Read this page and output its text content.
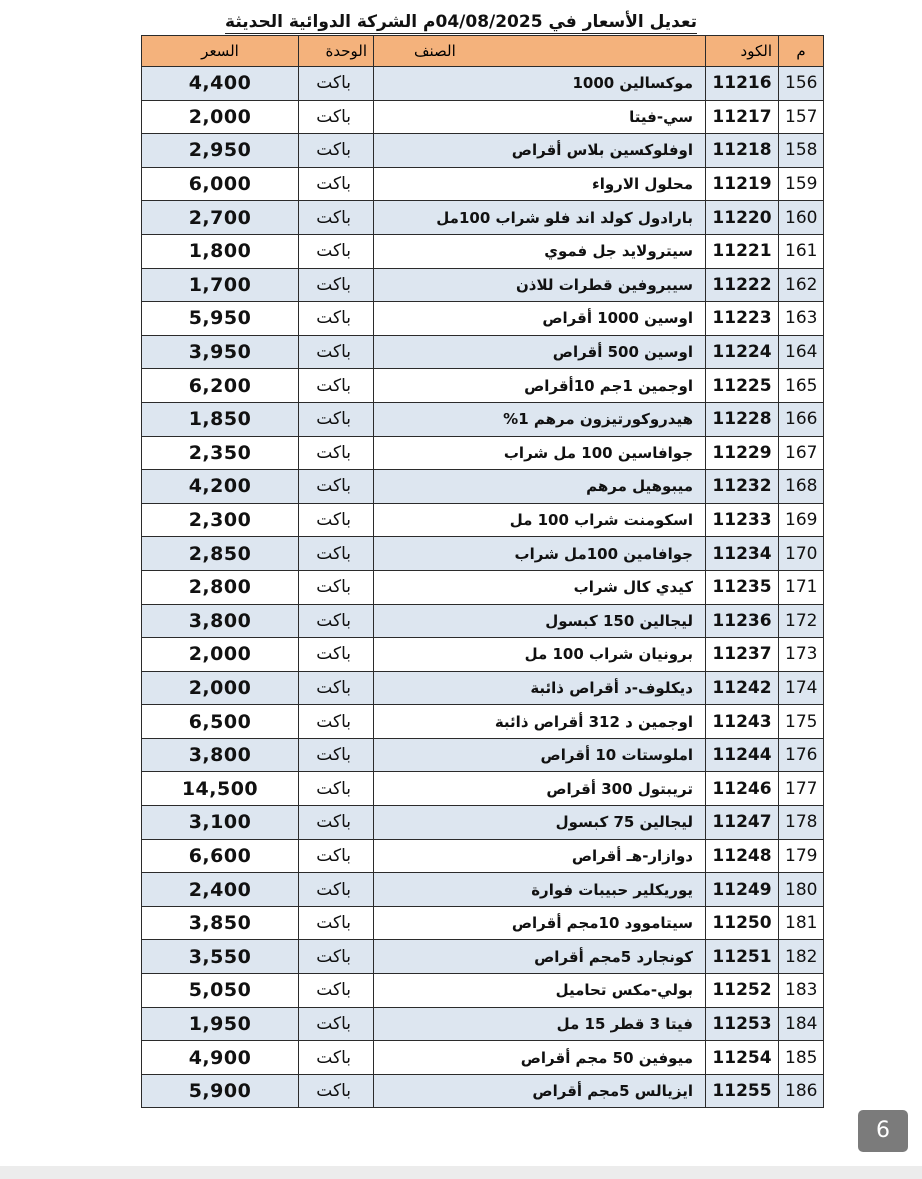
تعديل الأسعار في 04/08/2025م الشركة الدوائية الحديثة
السعر	الوحدة	الصنف	الكود	م
4,400	باكت	موكسالين 1000	11216	156
2,000	باكت	سي-فيتا	11217	157
2,950	باكت	اوفلوكسين بلاس أقراص	11218	158
6,000	باكت	محلول الارواء	11219	159
2,700	باكت	بارادول كولد اند فلو شراب 100مل	11220	160
1,800	باكت	سيترولايد جل فموي	11221	161
1,700	باكت	سيبروفين قطرات للاذن	11222	162
5,950	باكت	اوسين 1000 أقراص	11223	163
3,950	باكت	اوسين 500 أقراص	11224	164
6,200	باكت	اوجمين 1جم 10أقراص	11225	165
1,850	باكت	هيدروكورتيزون مرهم 1%	11228	166
2,350	باكت	جوافاسين 100 مل شراب	11229	167
4,200	باكت	ميبوهيل مرهم	11232	168
2,300	باكت	اسكومنت شراب 100 مل	11233	169
2,850	باكت	جوافامين 100مل شراب	11234	170
2,800	باكت	كيدي كال شراب	11235	171
3,800	باكت	ليجالين 150 كبسول	11236	172
2,000	باكت	برونيان شراب 100 مل	11237	173
2,000	باكت	ديكلوف-د أقراص ذائبة	11242	174
6,500	باكت	اوجمين د 312 أقراص ذائبة	11243	175
3,800	باكت	املوستات 10 أقراص	11244	176
14,500	باكت	تريبتول 300 أقراص	11246	177
3,100	باكت	ليجالين 75 كبسول	11247	178
6,600	باكت	دوازار-هـ أقراص	11248	179
2,400	باكت	يوريكلير حبيبات فوارة	11249	180
3,850	باكت	سيتاموود 10مجم أقراص	11250	181
3,550	باكت	كونجارد 5مجم أقراص	11251	182
5,050	باكت	بولي-مكس تحاميل	11252	183
1,950	باكت	فيتا 3 قطر 15 مل	11253	184
4,900	باكت	ميوفين 50 مجم أقراص	11254	185
5,900	باكت	ايزيالس 5مجم أقراص	11255	186
6
